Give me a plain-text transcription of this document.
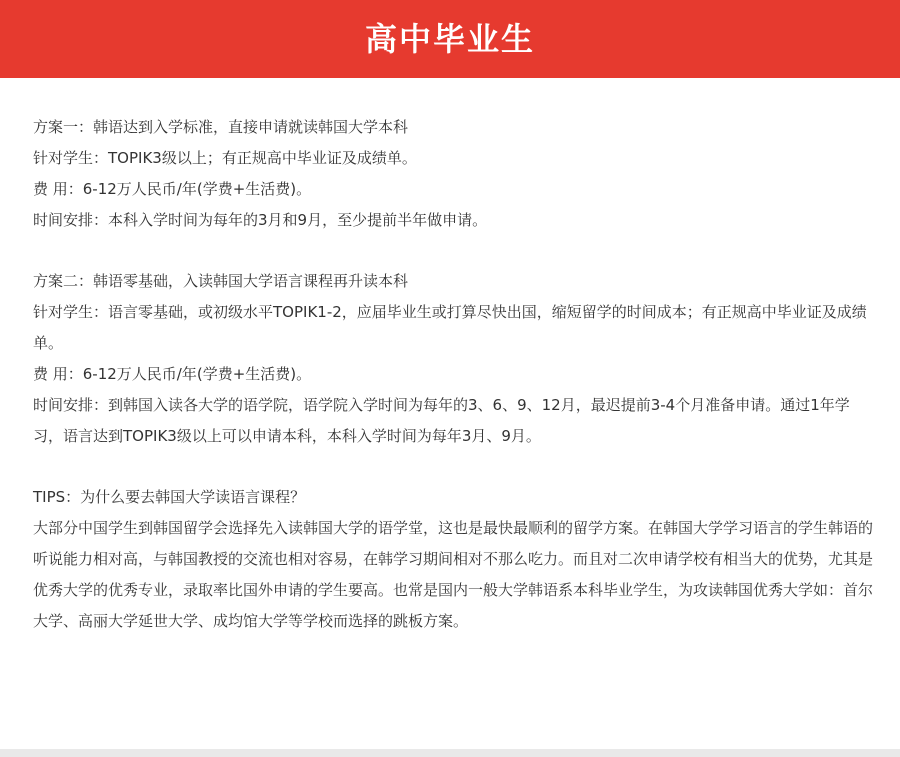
高中毕业生

方案一：韩语达到入学标准，直接申请就读韩国大学本科

针对学生：TOPIK3级以上；有正规高中毕业证及成绩单。

费 用：6-12万人民币/年(学费+生活费)。

时间安排：本科入学时间为每年的3月和9月，至少提前半年做申请。

方案二：韩语零基础，入读韩国大学语言课程再升读本科

针对学生：语言零基础，或初级水平TOPIK1-2，应届毕业生或打算尽快出国，缩短留学的时间成本；有正规高中毕业证及成绩单。

费 用：6-12万人民币/年(学费+生活费)。

时间安排：到韩国入读各大学的语学院，语学院入学时间为每年的3、6、9、12月，最迟提前3-4个月准备申请。通过1年学习，语言达到TOPIK3级以上可以申请本科，本科入学时间为每年3月、9月。

TIPS：为什么要去韩国大学读语言课程？

大部分中国学生到韩国留学会选择先入读韩国大学的语学堂，这也是最快最顺利的留学方案。在韩国大学学习语言的学生韩语的听说能力相对高，与韩国教授的交流也相对容易，在韩学习期间相对不那么吃力。而且对二次申请学校有相当大的优势，尤其是优秀大学的优秀专业，录取率比国外申请的学生要高。也常是国内一般大学韩语系本科毕业学生，为攻读韩国优秀大学如：首尔大学、高丽大学延世大学、成均馆大学等学校而选择的跳板方案。
